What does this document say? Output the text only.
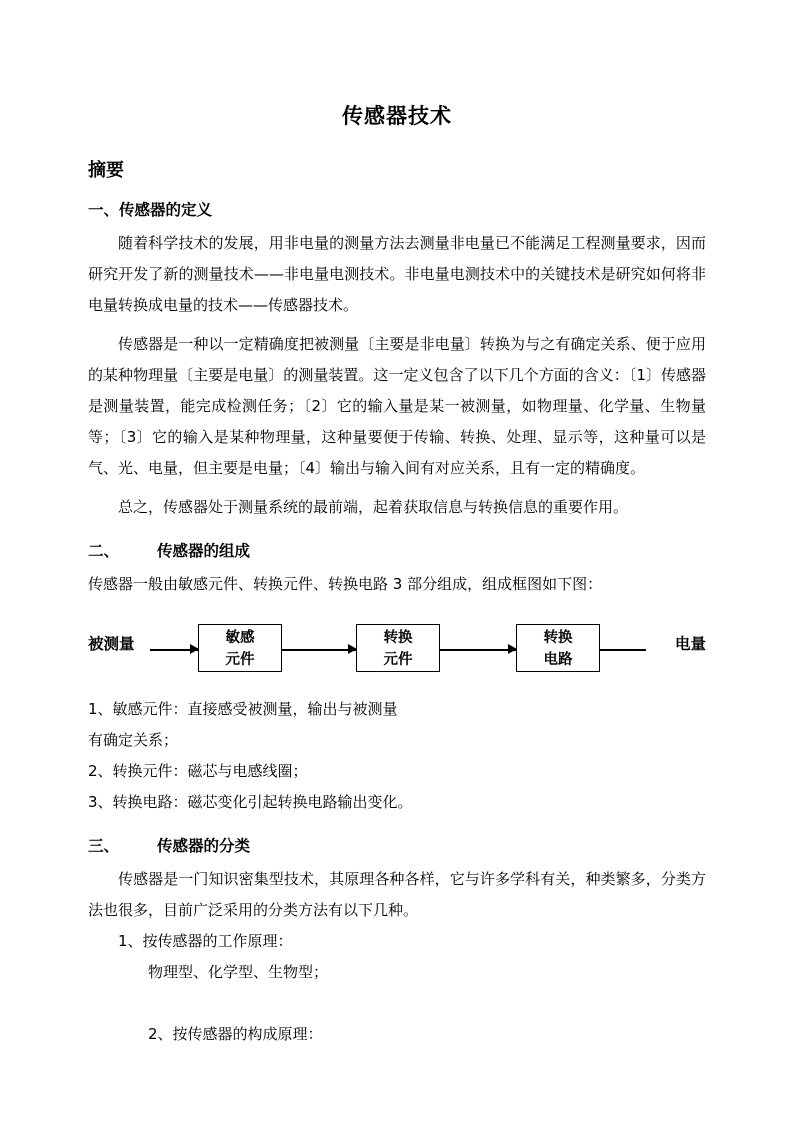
传感器技术
摘要
一、传感器的定义

随着科学技术的发展，用非电量的测量方法去测量非电量已不能满足工程测量要求，因而研究开发了新的测量技术——非电量电测技术。非电量电测技术中的关键技术是研究如何将非电量转换成电量的技术——传感器技术。

传感器是一种以一定精确度把被测量〔主要是非电量〕转换为与之有确定关系、便于应用的某种物理量〔主要是电量〕的测量装置。这一定义包含了以下几个方面的含义：〔1〕传感器是测量装置，能完成检测任务；〔2〕它的输入量是某一被测量，如物理量、化学量、生物量等；〔3〕它的输入是某种物理量，这种量要便于传输、转换、处理、显示等，这种量可以是气、光、电量，但主要是电量；〔4〕输出与输入间有对应关系，且有一定的精确度。

总之，传感器处于测量系统的最前端，起着获取信息与转换信息的重要作用。

二、 传感器的组成

传感器一般由敏感元件、转换元件、转换电路 3 部分组成，组成框图如下图：

被测量	电量
敏感
元件
转换
元件
转换
电路

1、敏感元件：直接感受被测量，输出与被测量

有确定关系；

2、转换元件：磁芯与电感线圈；

3、转换电路：磁芯变化引起转换电路输出变化。

三、 传感器的分类

传感器是一门知识密集型技术，其原理各种各样，它与许多学科有关，种类繁多，分类方法也很多，目前广泛采用的分类方法有以下几种。

1、按传感器的工作原理：

物理型、化学型、生物型；

2、按传感器的构成原理：
